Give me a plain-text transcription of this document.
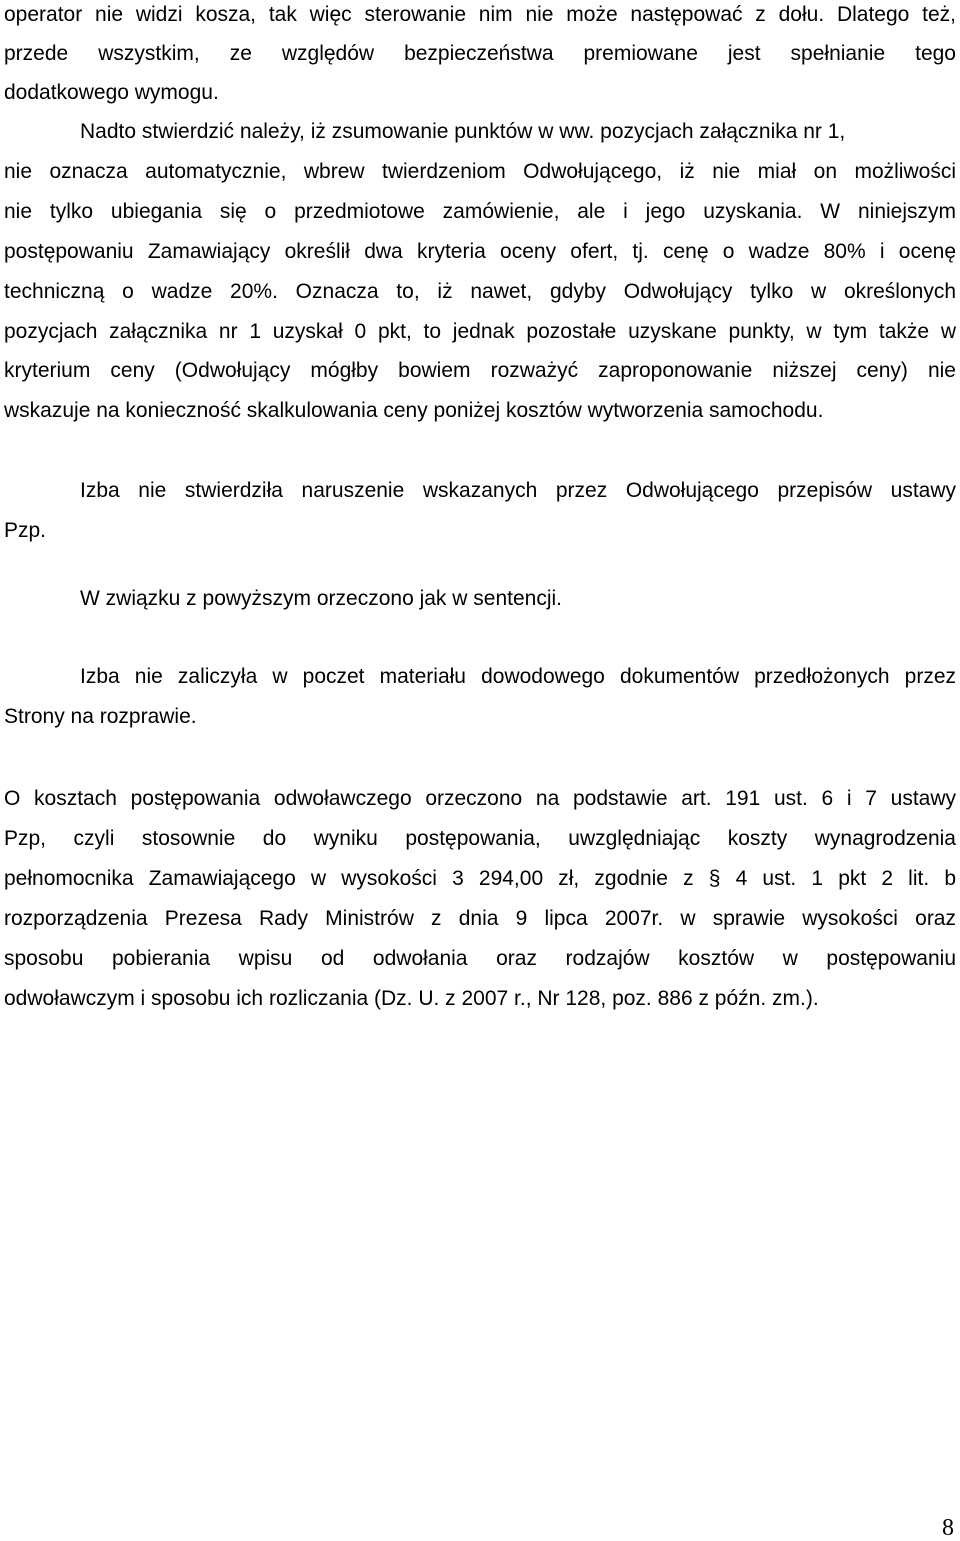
operator nie widzi kosza, tak więc sterowanie nim nie może następować z dołu. Dlatego też,
przede wszystkim, ze względów bezpieczeństwa premiowane jest spełnianie tego
dodatkowego wymogu.
Nadto stwierdzić należy, iż zsumowanie punktów w ww. pozycjach załącznika nr 1,
nie oznacza automatycznie, wbrew twierdzeniom Odwołującego, iż nie miał on możliwości
nie tylko ubiegania się o przedmiotowe zamówienie, ale i jego uzyskania. W niniejszym
postępowaniu Zamawiający określił dwa kryteria oceny ofert, tj. cenę o wadze 80% i ocenę
techniczną o wadze 20%. Oznacza to, iż nawet, gdyby Odwołujący tylko w określonych
pozycjach załącznika nr 1 uzyskał 0 pkt, to jednak pozostałe uzyskane punkty, w tym także w
kryterium ceny (Odwołujący mógłby bowiem rozważyć zaproponowanie niższej ceny) nie
wskazuje na konieczność skalkulowania ceny poniżej kosztów wytworzenia samochodu.
Izba nie stwierdziła naruszenie wskazanych przez Odwołującego przepisów ustawy
Pzp.
W związku z powyższym orzeczono jak w sentencji.
Izba nie zaliczyła w poczet materiału dowodowego dokumentów przedłożonych przez
Strony na rozprawie.
O kosztach postępowania odwoławczego orzeczono na podstawie art. 191 ust. 6 i 7 ustawy
Pzp, czyli stosownie do wyniku postępowania, uwzględniając koszty wynagrodzenia
pełnomocnika Zamawiającego w wysokości 3 294,00 zł, zgodnie z § 4 ust. 1 pkt 2 lit. b
rozporządzenia Prezesa Rady Ministrów z dnia 9 lipca 2007r. w sprawie wysokości oraz
sposobu pobierania wpisu od odwołania oraz rodzajów kosztów w postępowaniu
odwoławczym i sposobu ich rozliczania (Dz. U. z 2007 r., Nr 128, poz. 886 z późn. zm.).
8
